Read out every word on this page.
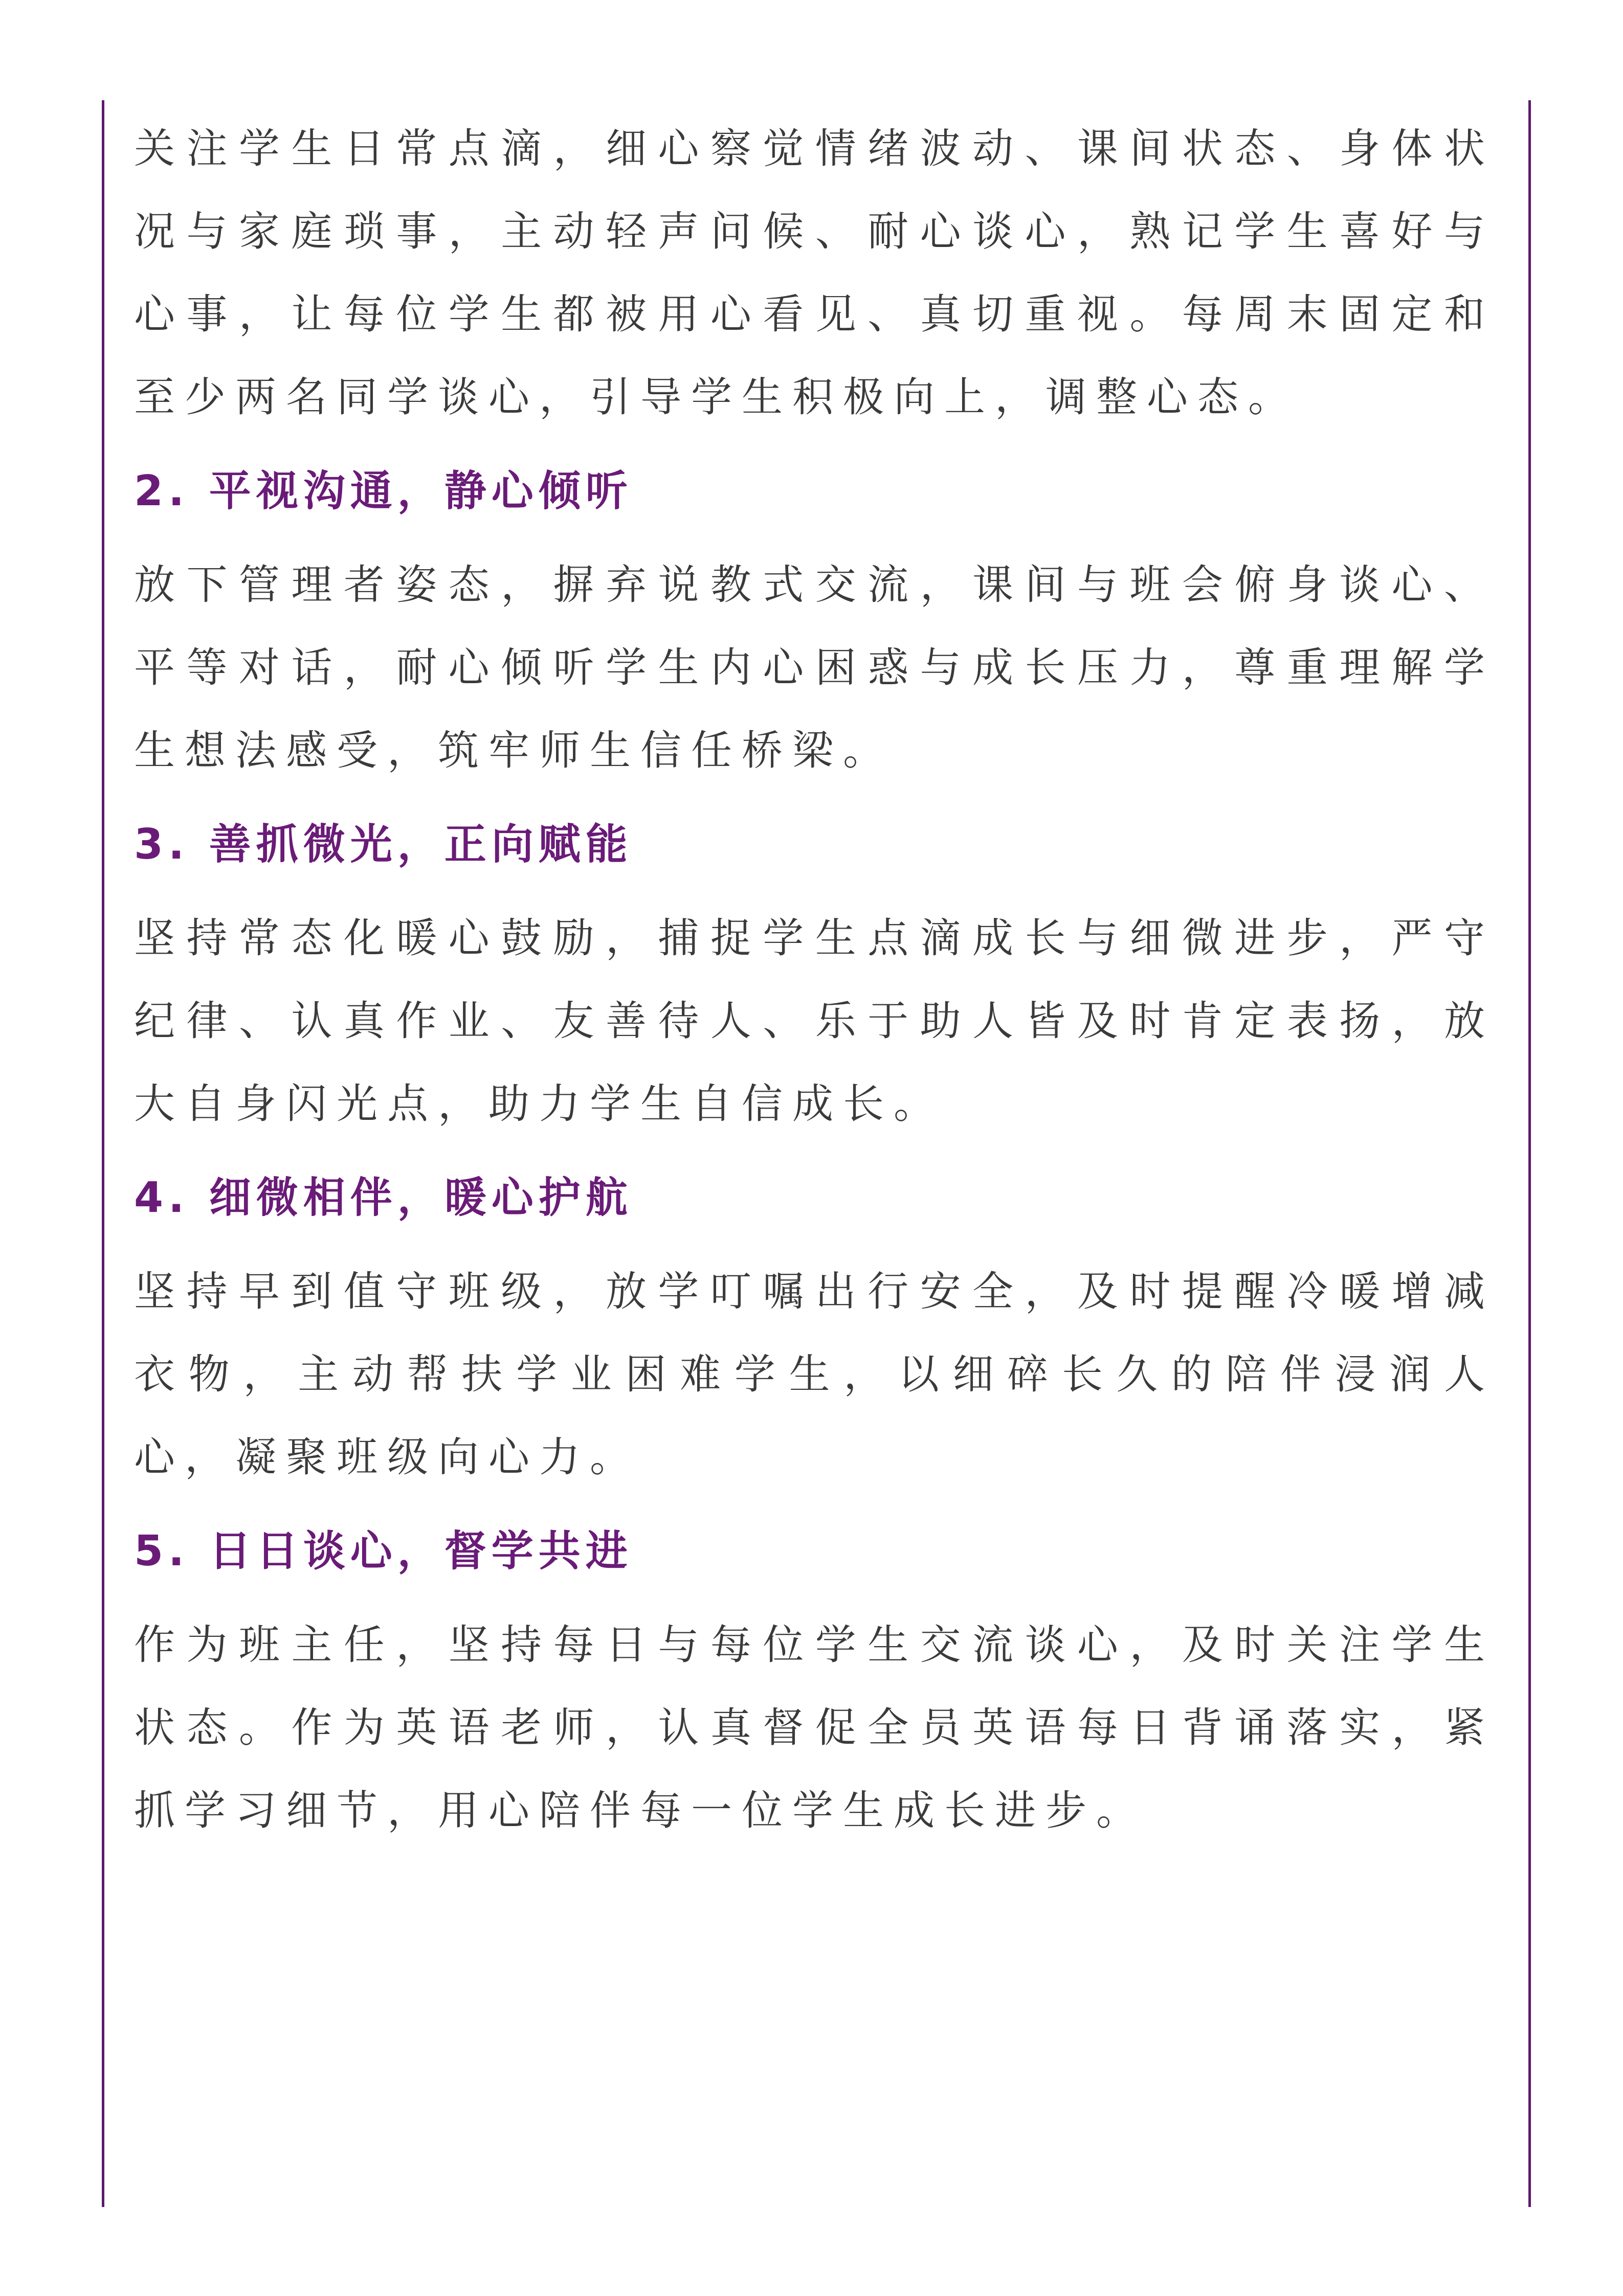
关注学生日常点滴，细心察觉情绪波动、课间状态、身体状况与家庭琐事，主动轻声问候、耐心谈心，熟记学生喜好与心事，让每位学生都被用心看见、真切重视。每周末固定和至少两名同学谈心，引导学生积极向上，调整心态。

2. 平视沟通，静心倾听

放下管理者姿态，摒弃说教式交流，课间与班会俯身谈心、平等对话，耐心倾听学生内心困惑与成长压力，尊重理解学生想法感受，筑牢师生信任桥梁。

3. 善抓微光，正向赋能

坚持常态化暖心鼓励，捕捉学生点滴成长与细微进步，严守纪律、认真作业、友善待人、乐于助人皆及时肯定表扬，放大自身闪光点，助力学生自信成长。

4. 细微相伴，暖心护航

坚持早到值守班级，放学叮嘱出行安全，及时提醒冷暖增减衣物，主动帮扶学业困难学生，以细碎长久的陪伴浸润人心，凝聚班级向心力。

5. 日日谈心，督学共进

作为班主任，坚持每日与每位学生交流谈心，及时关注学生状态。作为英语老师，认真督促全员英语每日背诵落实，紧抓学习细节，用心陪伴每一位学生成长进步。
